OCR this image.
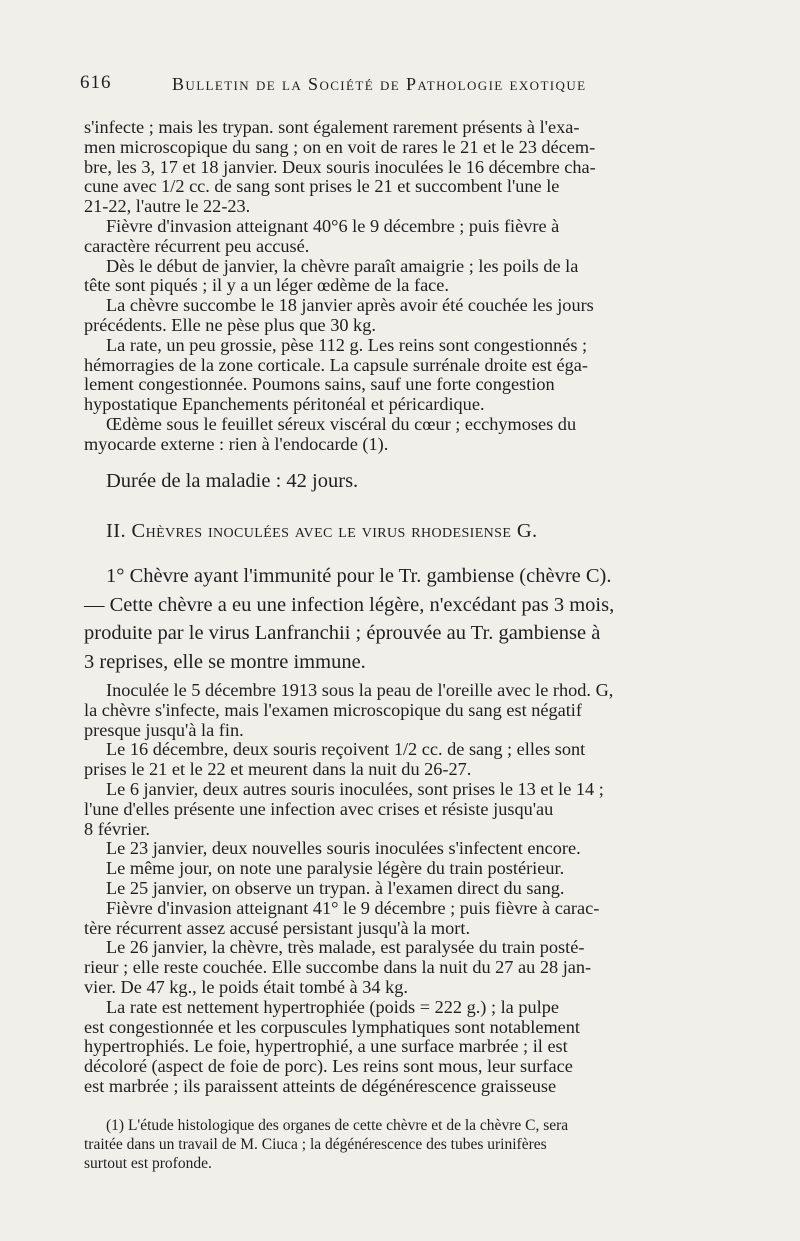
616	Bulletin de la Société de Pathologie exotique
s'infecte ; mais les trypan. sont également rarement présents à l'exa-
men microscopique du sang ; on en voit de rares le 21 et le 23 décem-
bre, les 3, 17 et 18 janvier. Deux souris inoculées le 16 décembre cha-
cune avec 1/2 cc. de sang sont prises le 21 et succombent l'une le
21-22, l'autre le 22-23.
Fièvre d'invasion atteignant 40°6 le 9 décembre ; puis fièvre à
caractère récurrent peu accusé.
Dès le début de janvier, la chèvre paraît amaigrie ; les poils de la
tête sont piqués ; il y a un léger œdème de la face.
La chèvre succombe le 18 janvier après avoir été couchée les jours
précédents. Elle ne pèse plus que 30 kg.
La rate, un peu grossie, pèse 112 g. Les reins sont congestionnés ;
hémorragies de la zone corticale. La capsule surrénale droite est éga-
lement congestionnée. Poumons sains, sauf une forte congestion
hypostatique Epanchements péritonéal et péricardique.
Œdème sous le feuillet séreux viscéral du cœur ; ecchymoses du
myocarde externe : rien à l'endocarde (1).
Durée de la maladie : 42 jours.
II. Chèvres inoculées avec le virus rhodesiense G.
1° Chèvre ayant l'immunité pour le Tr. gambiense (chèvre C).
— Cette chèvre a eu une infection légère, n'excédant pas 3 mois,
produite par le virus Lanfranchii ; éprouvée au Tr. gambiense à
3 reprises, elle se montre immune.
Inoculée le 5 décembre 1913 sous la peau de l'oreille avec le rhod. G,
la chèvre s'infecte, mais l'examen microscopique du sang est négatif
presque jusqu'à la fin.
Le 16 décembre, deux souris reçoivent 1/2 cc. de sang ; elles sont
prises le 21 et le 22 et meurent dans la nuit du 26-27.
Le 6 janvier, deux autres souris inoculées, sont prises le 13 et le 14 ;
l'une d'elles présente une infection avec crises et résiste jusqu'au
8 février.
Le 23 janvier, deux nouvelles souris inoculées s'infectent encore.
Le même jour, on note une paralysie légère du train postérieur.
Le 25 janvier, on observe un trypan. à l'examen direct du sang.
Fièvre d'invasion atteignant 41° le 9 décembre ; puis fièvre à carac-
tère récurrent assez accusé persistant jusqu'à la mort.
Le 26 janvier, la chèvre, très malade, est paralysée du train posté-
rieur ; elle reste couchée. Elle succombe dans la nuit du 27 au 28 jan-
vier. De 47 kg., le poids était tombé à 34 kg.
La rate est nettement hypertrophiée (poids = 222 g.) ; la pulpe
est congestionnée et les corpuscules lymphatiques sont notablement
hypertrophiés. Le foie, hypertrophié, a une surface marbrée ; il est
décoloré (aspect de foie de porc). Les reins sont mous, leur surface
est marbrée ; ils paraissent atteints de dégénérescence graisseuse
(1) L'étude histologique des organes de cette chèvre et de la chèvre C, sera
traitée dans un travail de M. Ciuca ; la dégénérescence des tubes urinifères
surtout est profonde.
